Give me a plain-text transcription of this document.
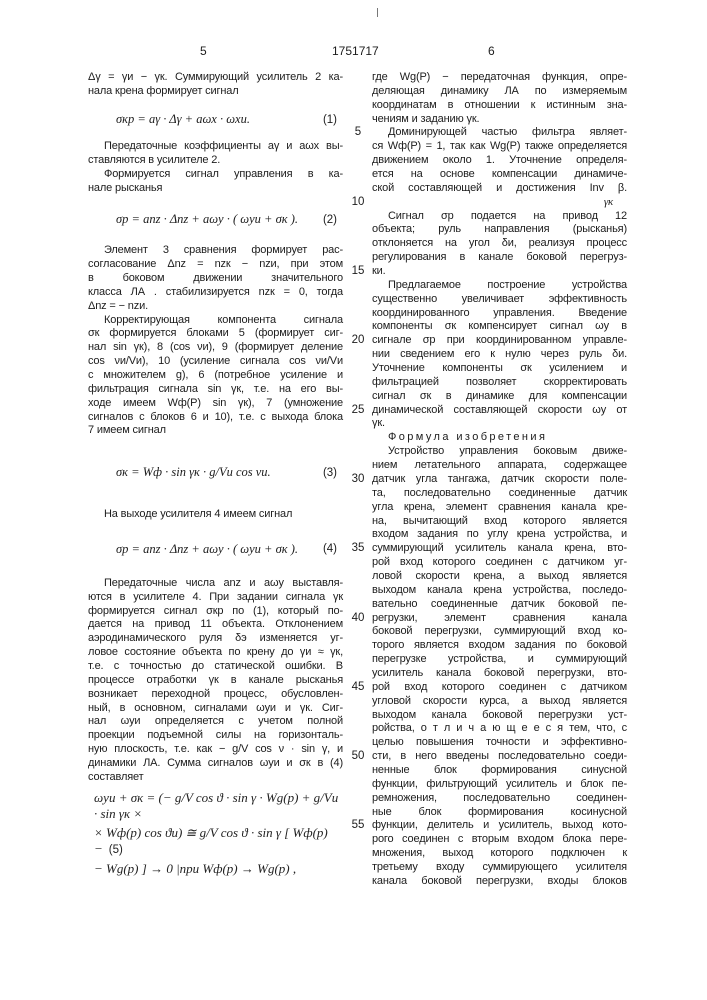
5	1751717	6
Δγ = γи − γк. Суммирующий усилитель 2 ка-
нала крена формирует сигнал
σкр = aγ · Δγ + aωx · ωxи.	(1)
Передаточные коэффициенты aγ и aωx вы-
ставляются в усилителе 2.
Формируется сигнал управления в ка-
нале рысканья
σр = anz · Δnz + aωy · ( ωyи + σк ). (2)
Элемент 3 сравнения формирует рас-
согласование Δnz = nzк − nzи, при этом
в боковом движении значительного
класса ЛА . стабилизируется nzк = 0, тогда
Δnz = − nzи.
Корректирующая компонента сигнала
σк формируется блоками 5 (формирует сиг-
нал sin γк), 8 (cos νи), 9 (формирует деление
cos νи/Vи), 10 (усиление сигнала cos νи/Vи
с множителем g), 6 (потребное усиление и
фильтрация сигнала sin γк, т.е. на его вы-
ходе имеем Wф(P) sin γк), 7 (умножение
сигналов с блоков 6 и 10), т.е. с выхода блока
7 имеем сигнал
σк = Wф · sin γк · g/Vи cos νи.	(3)
На выходе усилителя 4 имеем сигнал
σр = anz · Δnz + aωy · ( ωyи + σк ). (4)
Передаточные числа anz и aωy выставля-
ются в усилителе 4. При задании сигнала γк
формируется сигнал σкр по (1), который по-
дается на привод 11 объекта. Отклонением
аэродинамического руля δэ изменяется уг-
ловое состояние объекта по крену до γи ≈ γк,
т.е. с точностью до статической ошибки. В
процессе отработки γк в канале рысканья
возникает переходной процесс, обусловлен-
ный, в основном, сигналами ωyи и γк. Сиг-
нал ωyи определяется с учетом полной
проекции подъемной силы на горизонталь-
ную плоскость, т.е. как − g/V cos ν · sin γ, и
динамики ЛА. Сумма сигналов ωyи и σк в (4)
составляет
где Wg(P) − передаточная функция, опре-
деляющая динамику ЛА по измеряемым
координатам в отношении к истинным зна-
чениям и заданию γк.
Доминирующей частью фильтра являет-
ся Wф(P) = 1, так как Wg(P) также определяется
движением около 1. Уточнение определя-
ется на основе компенсации динамиче-
ской составляющей и достижения Inv β.
γк
Сигнал σр подается на привод 12
объекта; руль направления (рысканья)
отклоняется на угол δи, реализуя процесс
регулирования в канале боковой перегруз-
ки.
Предлагаемое построение устройства
существенно увеличивает эффективность
координированного управления. Введение
компоненты σк компенсирует сигнал ωy в
сигнале σр при координированном управле-
нии сведением его к нулю через руль δи.
Уточнение компоненты σк усилением и
фильтрацией позволяет скорректировать
сигнал σк в динамике для компенсации
динамической составляющей скорости ωy от
γк.
Формула изобретения
Устройство управления боковым движе-
нием летательного аппарата, содержащее
датчик угла тангажа, датчик скорости поле-
та, последовательно соединенные датчик
угла крена, элемент сравнения канала кре-
на, вычитающий вход которого является
входом задания по углу крена устройства, и
суммирующий усилитель канала крена, вто-
рой вход которого соединен с датчиком уг-
ловой скорости крена, а выход является
выходом канала крена устройства, последо-
вательно соединенные датчик боковой пе-
регрузки, элемент сравнения канала
боковой перегрузки, суммирующий вход ко-
торого является входом задания по боковой
перегрузке устройства, и суммирующий
усилитель канала боковой перегрузки, вто-
рой вход которого соединен с датчиком
угловой скорости курса, а выход является
выходом канала боковой перегрузки уст-
ройства, о т л и ч а ю щ е е с я тем, что, с
целью повышения точности и эффективно-
сти, в него введены последовательно соеди-
ненные блок формирования синусной
функции, фильтрующий усилитель и блок пе-
ремножения, последовательно соединен-
ные блок формирования косинусной
функции, делитель и усилитель, выход кото-
рого соединен с вторым входом блока пере-
множения, выход которого подключен к
третьему входу суммирующего усилителя
канала боковой перегрузки, входы блоков
ωyи + σк = (− g/V cos ϑ · sin γ · Wg(p) + g/Vи · sin γк ×
× Wф(p) cos ϑи) ≅ g/V cos ϑ · sin γ [ Wф(p) − (5)
− Wg(p) ] → 0 |при Wф(p) → Wg(p) ,
5
10
15
20
25
30
35
40
45
50
55
